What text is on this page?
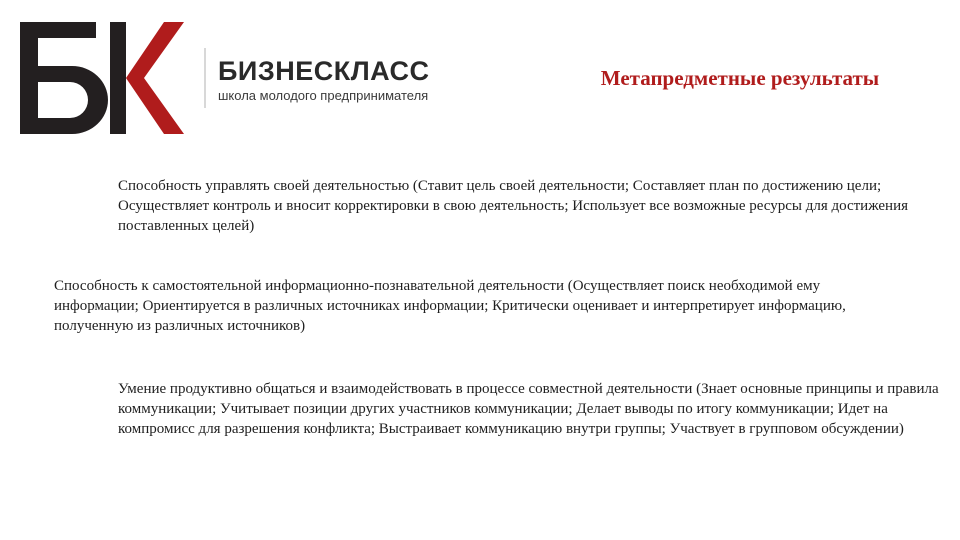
БИЗНЕСКЛАСС
школа молодого предпринимателя
Метапредметные результаты

Способность управлять своей деятельностью (Ставит цель своей деятельности; Составляет план по достижению цели; Осуществляет контроль и вносит корректировки в свою деятельность; Использует все возможные ресурсы для достижения поставленных целей)

Способность к самостоятельной информационно-познавательной деятельности (Осуществляет поиск необходимой ему информации; Ориентируется в различных источниках информации; Критически оценивает и интерпретирует информацию, полученную из различных источников)

Умение продуктивно общаться и взаимодействовать в процессе совместной деятельности (Знает основные принципы и правила коммуникации; Учитывает позиции других участников коммуникации; Делает выводы по итогу коммуникации; Идет на компромисс для разрешения конфликта; Выстраивает коммуникацию внутри группы; Участвует в групповом обсуждении)
